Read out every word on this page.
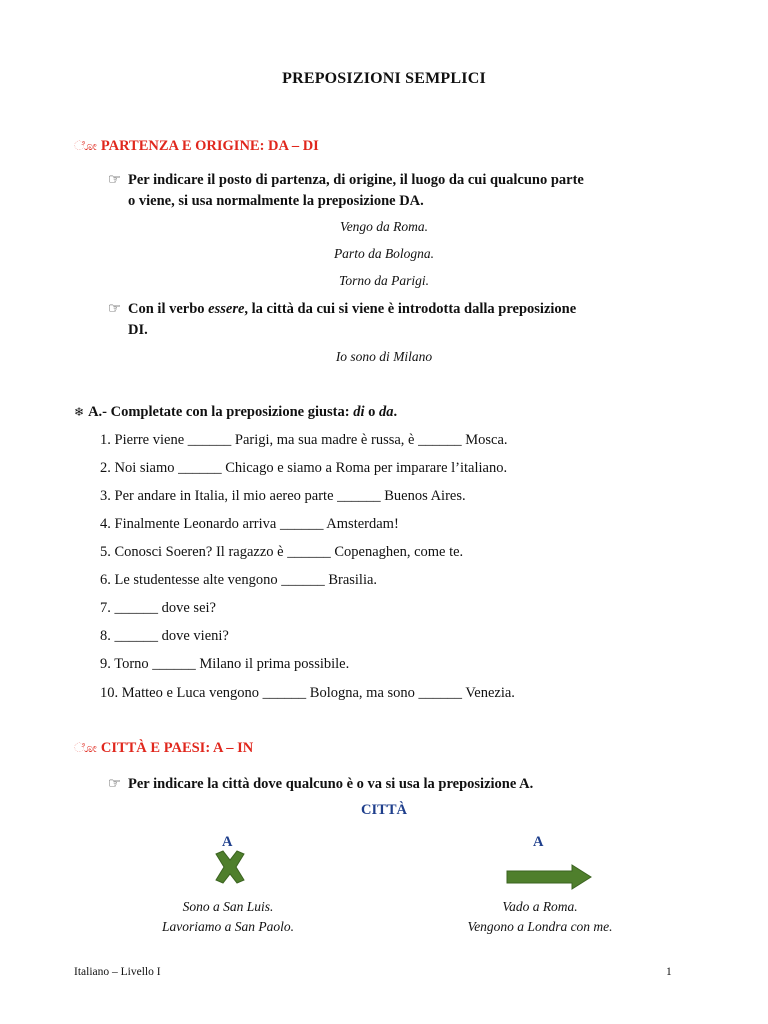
PREPOSIZIONI SEMPLICI
ೋ PARTENZA E ORIGINE: DA – DI
☞ Per indicare il posto di partenza, di origine, il luogo da cui qualcuno parte
o viene, si usa normalmente la preposizione DA.
Vengo da Roma.
Parto da Bologna.
Torno da Parigi.
☞ Con il verbo essere, la città da cui si viene è introdotta dalla preposizione
DI.
Io sono di Milano
❄ A.- Completate con la preposizione giusta: di o da.
1. Pierre viene ______ Parigi, ma sua madre è russa, è ______ Mosca.
2. Noi siamo ______ Chicago e siamo a Roma per imparare l’italiano.
3. Per andare in Italia, il mio aereo parte ______ Buenos Aires.
4. Finalmente Leonardo arriva ______ Amsterdam!
5. Conosci Soeren? Il ragazzo è ______ Copenaghen, come te.
6. Le studentesse alte vengono ______ Brasilia.
7. ______ dove sei?
8. ______ dove vieni?
9. Torno ______ Milano il prima possibile.
10. Matteo e Luca vengono ______ Bologna, ma sono ______ Venezia.
ೋ CITTÀ E PAESI: A – IN
☞ Per indicare la città dove qualcuno è o va si usa la preposizione A.
CITTÀ
A	A
Sono a San Luis.
Lavoriamo a San Paolo.
Vado a Roma.
Vengono a Londra con me.
Italiano – Livello I	1
